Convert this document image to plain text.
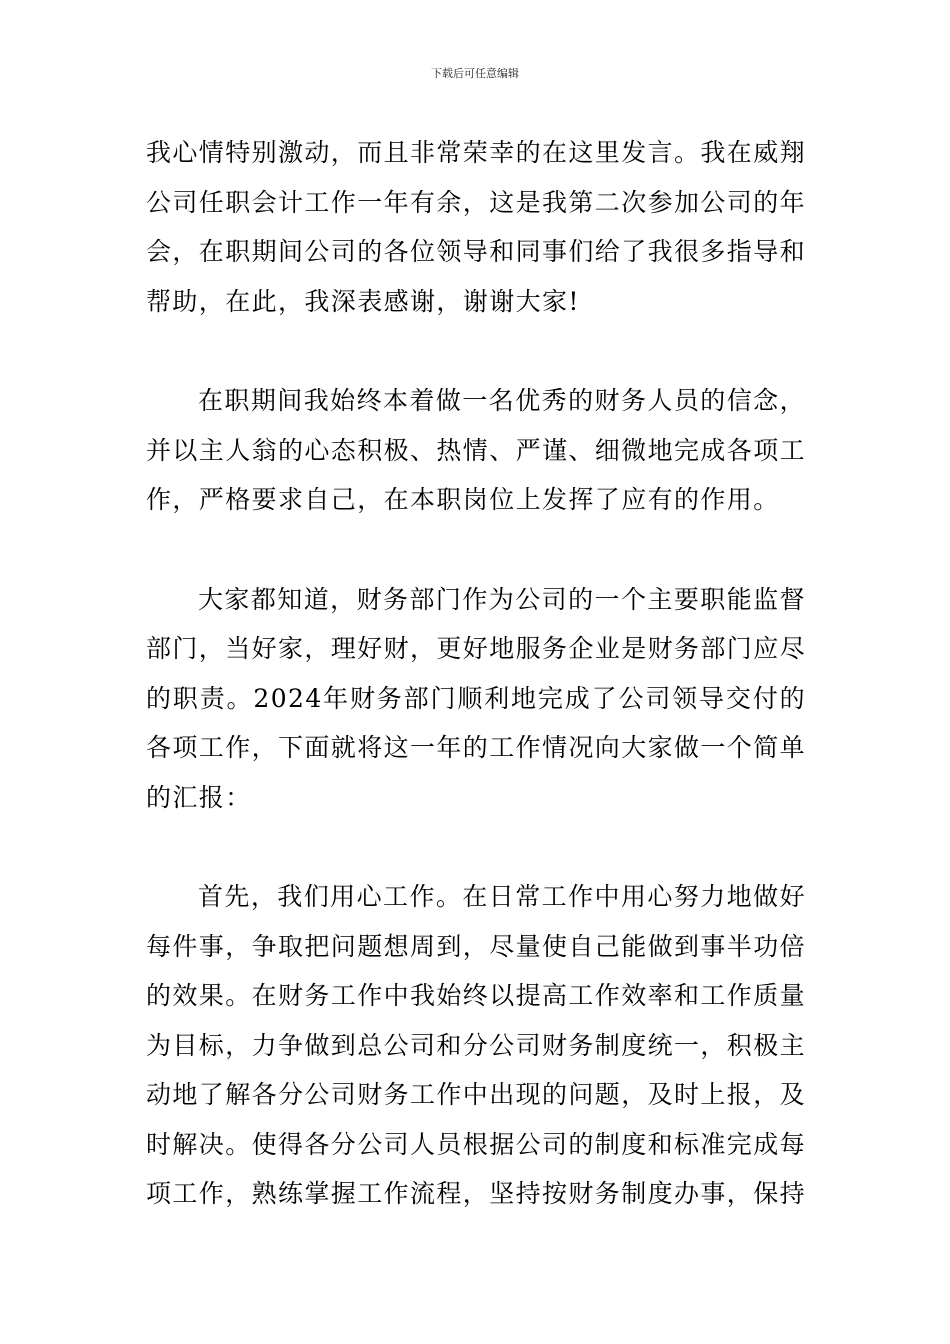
下载后可任意编辑

我心情特别激动，而且非常荣幸的在这里发言。我在威翔公司任职会计工作一年有余，这是我第二次参加公司的年会，在职期间公司的各位领导和同事们给了我很多指导和帮助，在此，我深表感谢，谢谢大家!

在职期间我始终本着做一名优秀的财务人员的信念，并以主人翁的心态积极、热情、严谨、细微地完成各项工作，严格要求自己，在本职岗位上发挥了应有的作用。

大家都知道，财务部门作为公司的一个主要职能监督部门，当好家，理好财，更好地服务企业是财务部门应尽的职责。2024年财务部门顺利地完成了公司领导交付的各项工作，下面就将这一年的工作情况向大家做一个简单的汇报：

首先，我们用心工作。在日常工作中用心努力地做好每件事，争取把问题想周到，尽量使自己能做到事半功倍的效果。在财务工作中我始终以提高工作效率和工作质量为目标，力争做到总公司和分公司财务制度统一，积极主动地了解各分公司财务工作中出现的问题，及时上报，及时解决。使得各分公司人员根据公司的制度和标准完成每项工作，熟练掌握工作流程，坚持按财务制度办事，保持
